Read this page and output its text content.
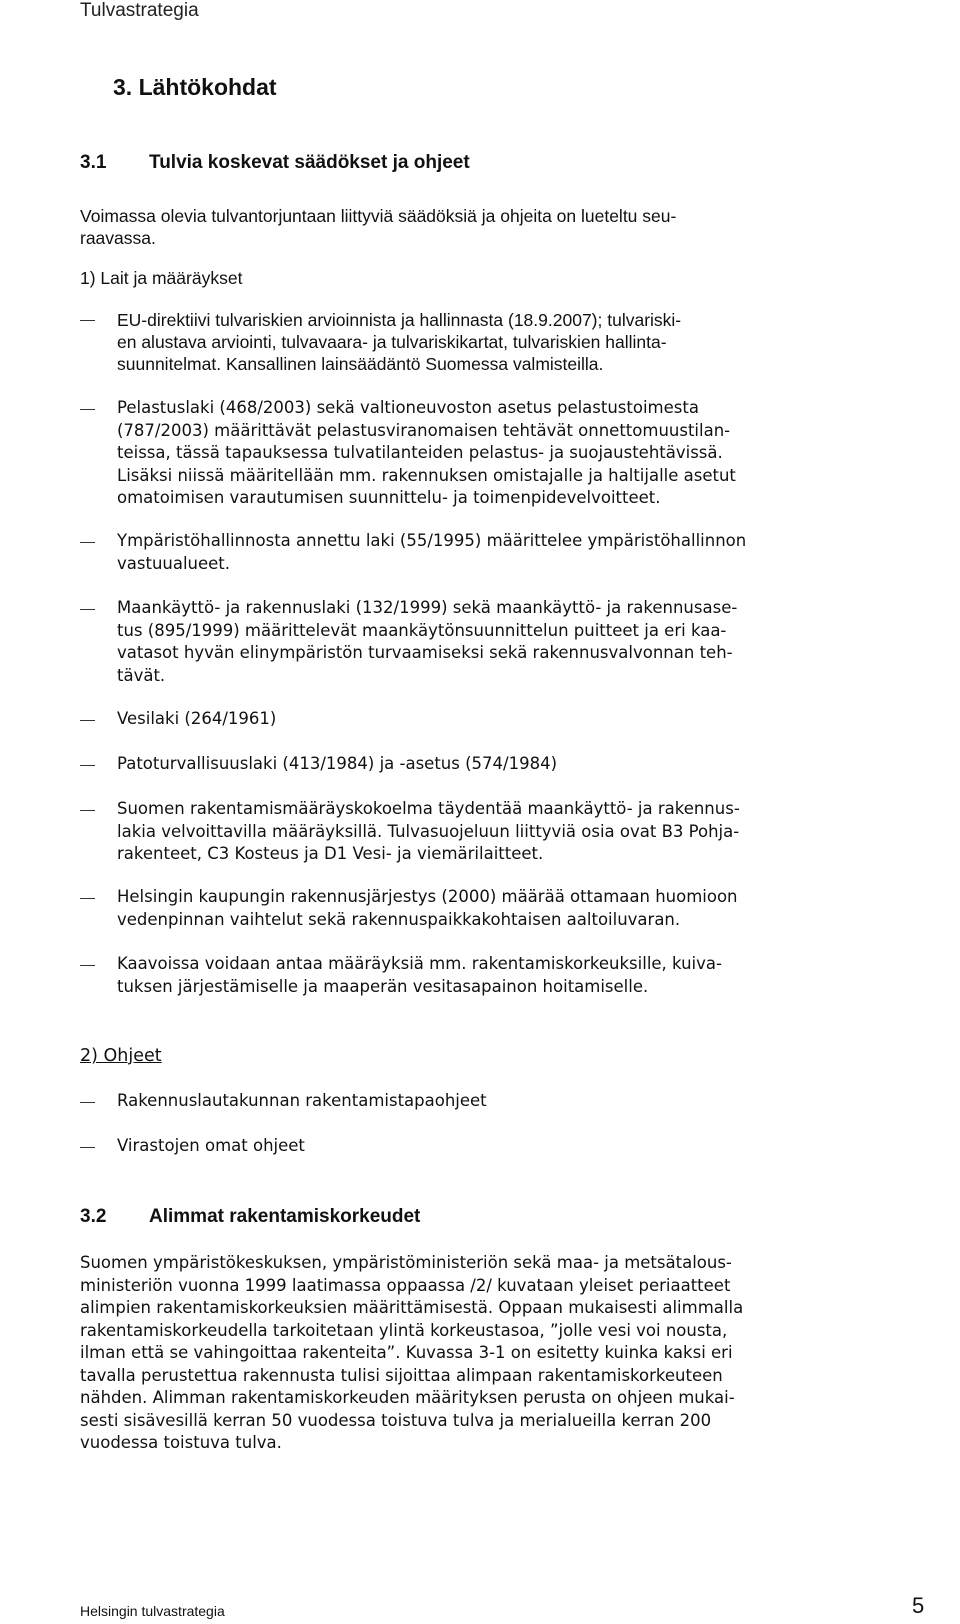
Tulvastrategia
3. Lähtökohdat
3.1 Tulvia koskevat säädökset ja ohjeet
Voimassa olevia tulvantorjuntaan liittyviä säädöksiä ja ohjeita on lueteltu seu-
raavassa.
1) Lait ja määräykset
EU-direktiivi tulvariskien arvioinnista ja hallinnasta (18.9.2007); tulvariski-
en alustava arviointi, tulvavaara- ja tulvariskikartat, tulvariskien hallinta-
suunnitelmat. Kansallinen lainsäädäntö Suomessa valmisteilla.
Pelastuslaki (468/2003) sekä valtioneuvoston asetus pelastustoimesta
(787/2003) määrittävät pelastusviranomaisen tehtävät onnettomuustilan-
teissa, tässä tapauksessa tulvatilanteiden pelastus- ja suojaustehtävissä.
Lisäksi niissä määritellään mm. rakennuksen omistajalle ja haltijalle asetut
omatoimisen varautumisen suunnittelu- ja toimenpidevelvoitteet.
Ympäristöhallinnosta annettu laki (55/1995) määrittelee ympäristöhallinnon
vastuualueet.
Maankäyttö- ja rakennuslaki (132/1999) sekä maankäyttö- ja rakennusase-
tus (895/1999) määrittelevät maankäytönsuunnittelun puitteet ja eri kaa-
vatasot hyvän elinympäristön turvaamiseksi sekä rakennusvalvonnan teh-
tävät.
Vesilaki (264/1961)
Patoturvallisuuslaki (413/1984) ja -asetus (574/1984)
Suomen rakentamismääräyskokoelma täydentää maankäyttö- ja rakennus-
lakia velvoittavilla määräyksillä. Tulvasuojeluun liittyviä osia ovat B3 Pohja-
rakenteet, C3 Kosteus ja D1 Vesi- ja viemärilaitteet.
Helsingin kaupungin rakennusjärjestys (2000) määrää ottamaan huomioon
vedenpinnan vaihtelut sekä rakennuspaikkakohtaisen aaltoiluvaran.
Kaavoissa voidaan antaa määräyksiä mm. rakentamiskorkeuksille, kuiva-
tuksen järjestämiselle ja maaperän vesitasapainon hoitamiselle.
2) Ohjeet
Rakennuslautakunnan rakentamistapaohjeet
Virastojen omat ohjeet
3.2 Alimmat rakentamiskorkeudet
Suomen ympäristökeskuksen, ympäristöministeriön sekä maa- ja metsätalous-
ministeriön vuonna 1999 laatimassa oppaassa /2/ kuvataan yleiset periaatteet
alimpien rakentamiskorkeuksien määrittämisestä. Oppaan mukaisesti alimmalla
rakentamiskorkeudella tarkoitetaan ylintä korkeustasoa, ”jolle vesi voi nousta,
ilman että se vahingoittaa rakenteita”. Kuvassa 3-1 on esitetty kuinka kaksi eri
tavalla perustettua rakennusta tulisi sijoittaa alimpaan rakentamiskorkeuteen
nähden. Alimman rakentamiskorkeuden määrityksen perusta on ohjeen mukai-
sesti sisävesillä kerran 50 vuodessa toistuva tulva ja merialueilla kerran 200
vuodessa toistuva tulva.
Helsingin tulvastrategia	5
